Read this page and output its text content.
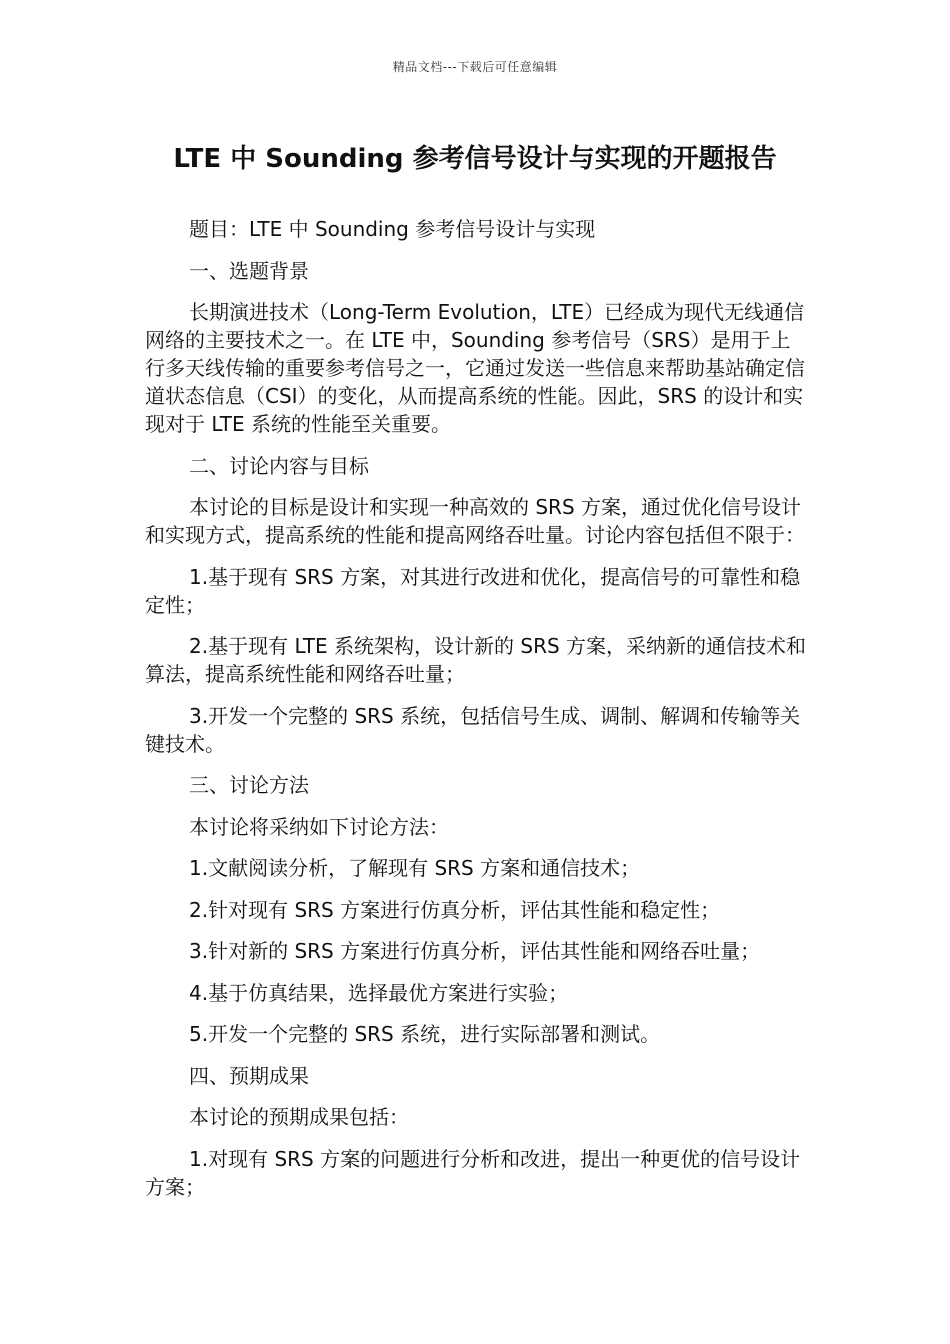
精品文档---下载后可任意编辑
LTE 中 Sounding 参考信号设计与实现的开题报告

题目：LTE 中 Sounding 参考信号设计与实现

一、选题背景

长期演进技术（Long-Term Evolution，LTE）已经成为现代无线通信网络的主要技术之一。在 LTE 中，Sounding 参考信号（SRS）是用于上行多天线传输的重要参考信号之一，它通过发送一些信息来帮助基站确定信道状态信息（CSI）的变化，从而提高系统的性能。因此，SRS 的设计和实现对于 LTE 系统的性能至关重要。

二、讨论内容与目标

本讨论的目标是设计和实现一种高效的 SRS 方案，通过优化信号设计和实现方式，提高系统的性能和提高网络吞吐量。讨论内容包括但不限于：

1.基于现有 SRS 方案，对其进行改进和优化，提高信号的可靠性和稳定性；

2.基于现有 LTE 系统架构，设计新的 SRS 方案，采纳新的通信技术和算法，提高系统性能和网络吞吐量；

3.开发一个完整的 SRS 系统，包括信号生成、调制、解调和传输等关键技术。

三、讨论方法

本讨论将采纳如下讨论方法：

1.文献阅读分析，了解现有 SRS 方案和通信技术；

2.针对现有 SRS 方案进行仿真分析，评估其性能和稳定性；

3.针对新的 SRS 方案进行仿真分析，评估其性能和网络吞吐量；

4.基于仿真结果，选择最优方案进行实验；

5.开发一个完整的 SRS 系统，进行实际部署和测试。

四、预期成果

本讨论的预期成果包括：

1.对现有 SRS 方案的问题进行分析和改进，提出一种更优的信号设计方案；
